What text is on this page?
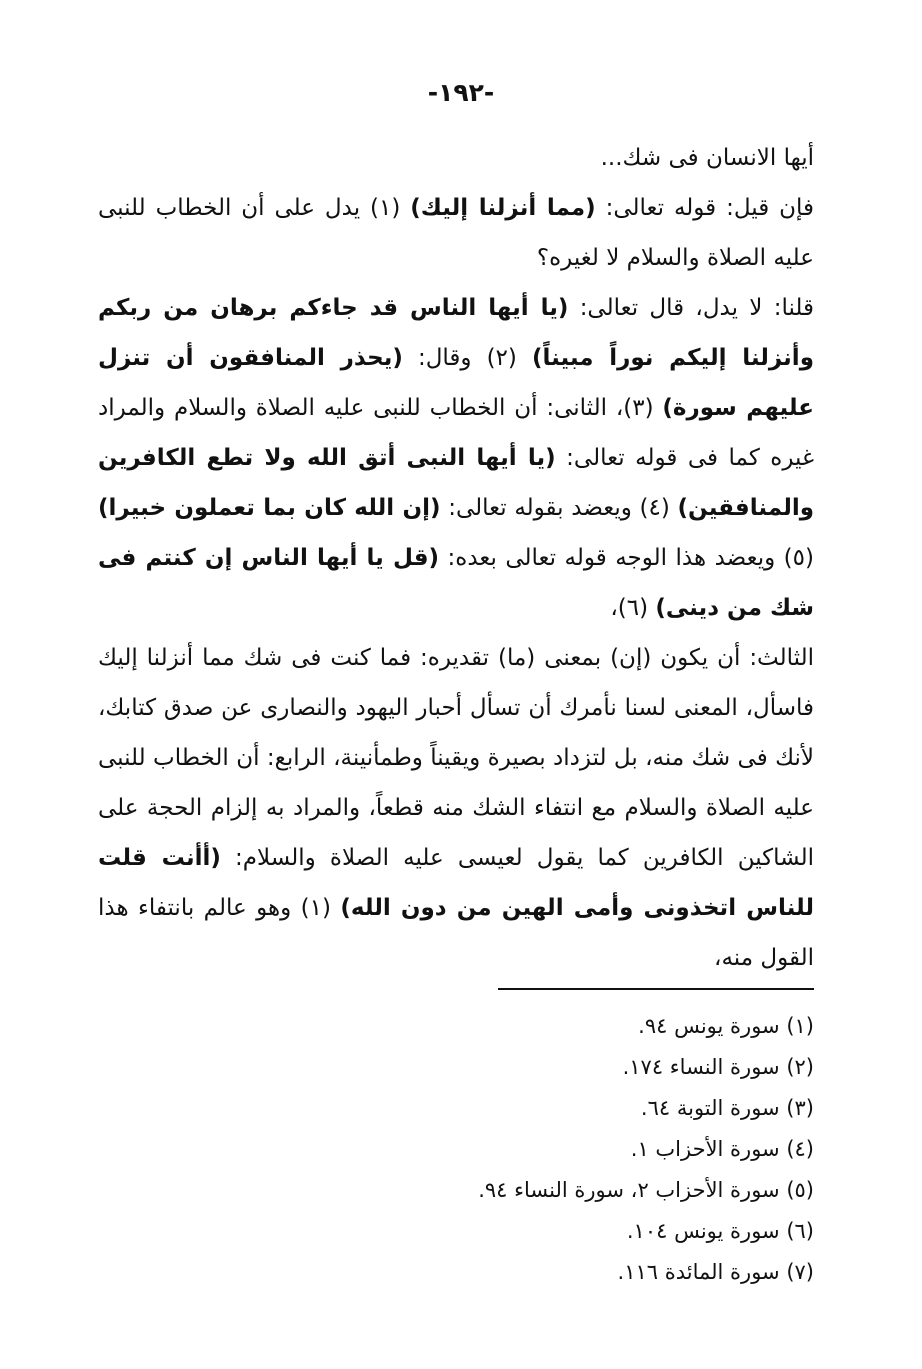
-١٩٢-

أيها الانسان فى شك...

فإن قيل: قوله تعالى: (مما أنزلنا إليك) (١) يدل على أن الخطاب للنبى عليه الصلاة والسلام لا لغيره؟

قلنا: لا يدل، قال تعالى: (يا أيها الناس قد جاءكم برهان من ربكم وأنزلنا إليكم نوراً مبيناً) (٢) وقال: (يحذر المنافقون أن تنزل عليهم سورة) (٣)، الثانى: أن الخطاب للنبى عليه الصلاة والسلام والمراد غيره كما فى قوله تعالى: (يا أيها النبى أتق الله ولا تطع الكافرين والمنافقين) (٤) ويعضد بقوله تعالى: (إن الله كان بما تعملون خبيرا) (٥) ويعضد هذا الوجه قوله تعالى بعده: (قل يا أيها الناس إن كنتم فى شك من دينى) (٦)،

الثالث: أن يكون (إن) بمعنى (ما) تقديره: فما كنت فى شك مما أنزلنا إليك فاسأل، المعنى لسنا نأمرك أن تسأل أحبار اليهود والنصارى عن صدق كتابك، لأنك فى شك منه، بل لتزداد بصيرة ويقيناً وطمأنينة، الرابع: أن الخطاب للنبى عليه الصلاة والسلام مع انتفاء الشك منه قطعاً، والمراد به إلزام الحجة على الشاكين الكافرين كما يقول لعيسى عليه الصلاة والسلام: (أأنت قلت للناس اتخذونى وأمى الهين من دون الله) (١) وهو عالم بانتفاء هذا القول منه،

(١) سورة يونس ٩٤.
(٢) سورة النساء ١٧٤.
(٣) سورة التوبة ٦٤.
(٤) سورة الأحزاب ١.
(٥) سورة الأحزاب ٢، سورة النساء ٩٤.
(٦) سورة يونس ١٠٤.
(٧) سورة المائدة ١١٦.
